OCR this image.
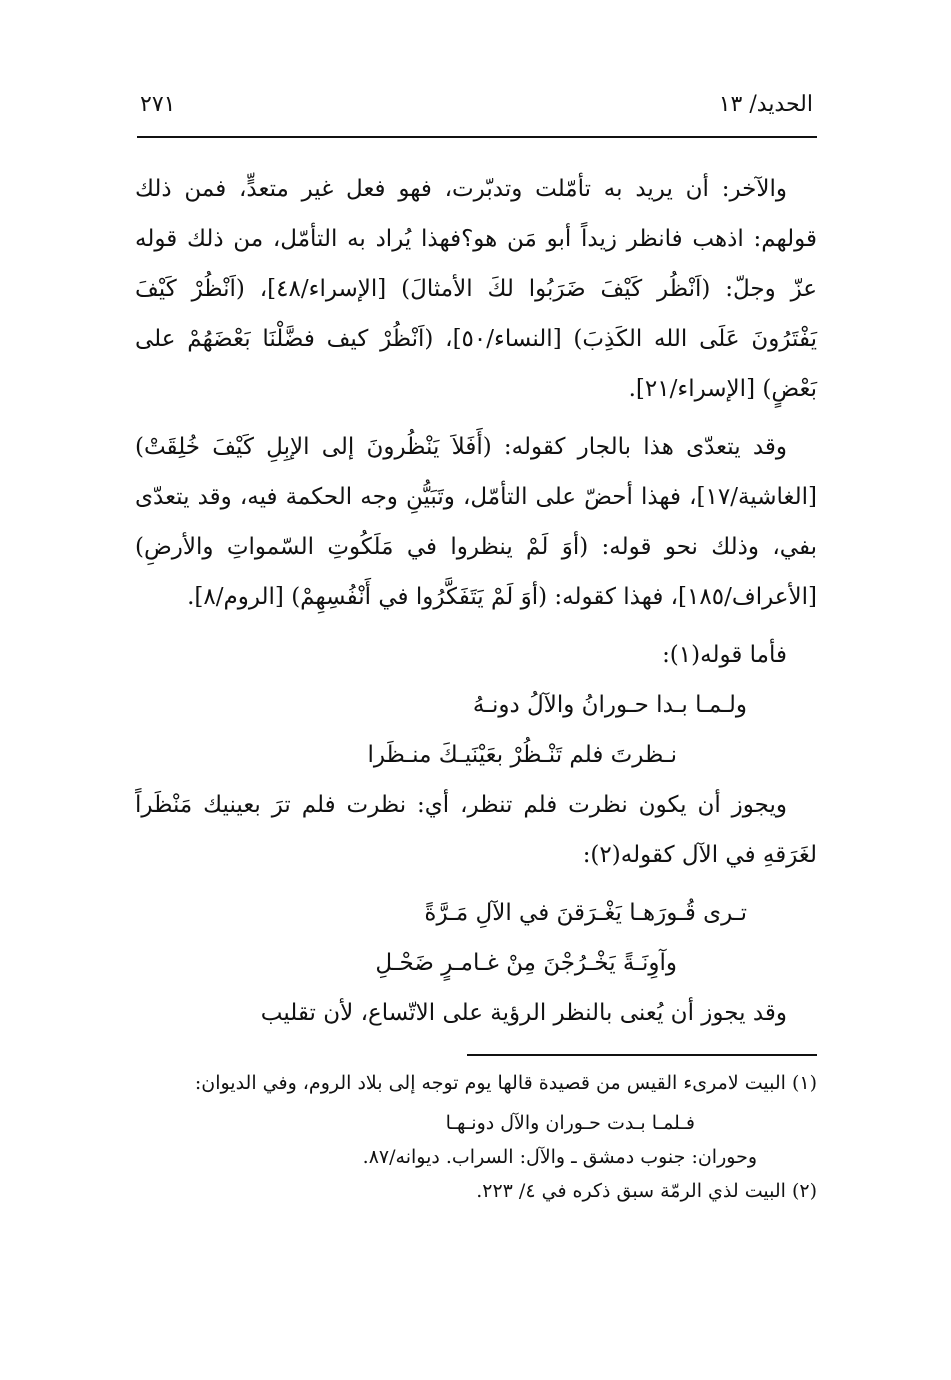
الحديد/ ١٣
٢٧١

والآخر: أن يريد به تأمّلت وتدبّرت، فهو فعل غير متعدٍّ، فمن ذلك قولهم: اذهب فانظر زيداً أبو مَن هو؟فهذا يُراد به التأمّل، من ذلك قوله عزّ وجلّ: (اَنْظُر كَيْفَ ضَرَبُوا لكَ الأمثالَ) [الإسراء/٤٨]، (اَنْظُرْ كَيْفَ يَفْتَرُونَ عَلَى الله الكَذِبَ) [النساء/٥٠]، (اَنْظُرْ كيف فضَّلْنَا بَعْضَهُمْ على بَعْضٍ) [الإسراء/٢١].

وقد يتعدّى هذا بالجار كقوله: (أَفَلاَ يَنْظُرونَ إلى الإبِلِ كَيْفَ خُلِقَتْ) [الغاشية/١٧]، فهذا أحضّ على التأمّل، وتَبَيُّنِ وجه الحكمة فيه، وقد يتعدّى بفي، وذلك نحو قوله: (أوَ لَمْ ينظروا في مَلَكُوتِ السّمواتِ والأرضِ) [الأعراف/١٨٥]، فهذا كقوله: (أوَ لَمْ يَتَفَكَّرُوا في أَنْفُسِهِمْ) [الروم/٨].

فأما قوله(١):

ولـمـا بـدا حـورانُ والآلُ دونـهُ
نـظرتَ فلم تَنْـظُرْ بعَيْنَيـكَ منـظَرا

ويجوز أن يكون نظرت فلم تنظر، أي: نظرت فلم ترَ بعينيك مَنْظَراً لغَرَقهِ في الآل كقوله(٢):

تـرى قُـورَهـا يَغْـرَقنَ في الآلِ مَـرَّةً
وآوِنَـةً يَخْـرُجْنَ مِنْ غـامـرٍ ضَحْـلِ

وقد يجوز أن يُعنى بالنظر الرؤية على الاتّساع، لأن تقليب

(١) البيت لامرىء القيس من قصيدة قالها يوم توجه إلى بلاد الروم، وفي الديوان:

فـلمـا بـدت حـوران والآل دونـهـا

وحوران: جنوب دمشق ـ والآل: السراب. ديوانه/٨٧.

(٢) البيت لذي الرمّة سبق ذكره في ٤/ ٢٢٣.
